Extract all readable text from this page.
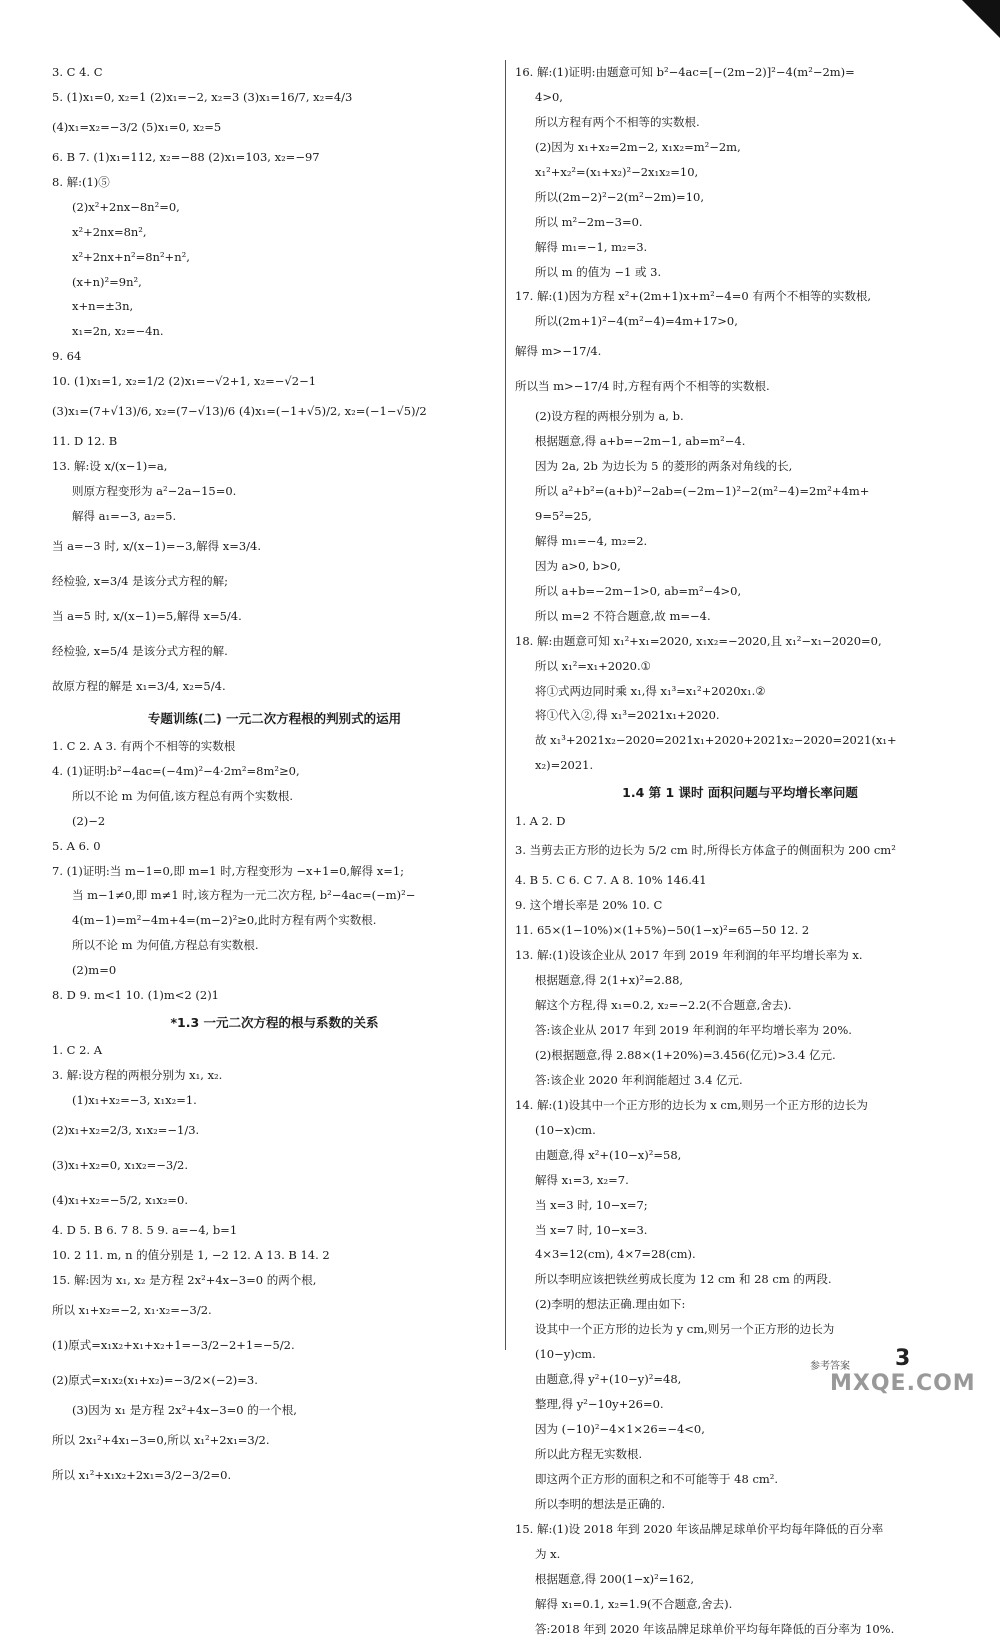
3. C 4. C
5. (1)x₁=0, x₂=1 (2)x₁=−2, x₂=3 (3)x₁=16/7, x₂=4/3
(4)x₁=x₂=−3/2 (5)x₁=0, x₂=5
6. B 7. (1)x₁=112, x₂=−88 (2)x₁=103, x₂=−97
8. 解:(1)⑤
(2)x²+2nx−8n²=0,
x²+2nx=8n²,
x²+2nx+n²=8n²+n²,
(x+n)²=9n²,
x+n=±3n,
x₁=2n, x₂=−4n.
9. 64
10. (1)x₁=1, x₂=1/2 (2)x₁=−√2+1, x₂=−√2−1
(3)x₁=(7+√13)/6, x₂=(7−√13)/6 (4)x₁=(−1+√5)/2, x₂=(−1−√5)/2
11. D 12. B
13. 解:设 x/(x−1)=a,
则原方程变形为 a²−2a−15=0.
解得 a₁=−3, a₂=5.
当 a=−3 时, x/(x−1)=−3,解得 x=3/4.
经检验, x=3/4 是该分式方程的解;
当 a=5 时, x/(x−1)=5,解得 x=5/4.
经检验, x=5/4 是该分式方程的解.
故原方程的解是 x₁=3/4, x₂=5/4.
专题训练(二) 一元二次方程根的判别式的运用
1. C 2. A 3. 有两个不相等的实数根
4. (1)证明:b²−4ac=(−4m)²−4·2m²=8m²≥0,
所以不论 m 为何值,该方程总有两个实数根.
(2)−2
5. A 6. 0
7. (1)证明:当 m−1=0,即 m=1 时,方程变形为 −x+1=0,解得 x=1;
当 m−1≠0,即 m≠1 时,该方程为一元二次方程, b²−4ac=(−m)²−
4(m−1)=m²−4m+4=(m−2)²≥0,此时方程有两个实数根.
所以不论 m 为何值,方程总有实数根.
(2)m=0
8. D 9. m<1 10. (1)m<2 (2)1
*1.3 一元二次方程的根与系数的关系
1. C 2. A
3. 解:设方程的两根分别为 x₁, x₂.
(1)x₁+x₂=−3, x₁x₂=1.
(2)x₁+x₂=2/3, x₁x₂=−1/3.
(3)x₁+x₂=0, x₁x₂=−3/2.
(4)x₁+x₂=−5/2, x₁x₂=0.
4. D 5. B 6. 7 8. 5 9. a=−4, b=1
10. 2 11. m, n 的值分别是 1, −2 12. A 13. B 14. 2
15. 解:因为 x₁, x₂ 是方程 2x²+4x−3=0 的两个根,
所以 x₁+x₂=−2, x₁·x₂=−3/2.
(1)原式=x₁x₂+x₁+x₂+1=−3/2−2+1=−5/2.
(2)原式=x₁x₂(x₁+x₂)=−3/2×(−2)=3.
(3)因为 x₁ 是方程 2x²+4x−3=0 的一个根,
所以 2x₁²+4x₁−3=0,所以 x₁²+2x₁=3/2.
所以 x₁²+x₁x₂+2x₁=3/2−3/2=0.
16. 解:(1)证明:由题意可知 b²−4ac=[−(2m−2)]²−4(m²−2m)=
4>0,
所以方程有两个不相等的实数根.
(2)因为 x₁+x₂=2m−2, x₁x₂=m²−2m,
x₁²+x₂²=(x₁+x₂)²−2x₁x₂=10,
所以(2m−2)²−2(m²−2m)=10,
所以 m²−2m−3=0.
解得 m₁=−1, m₂=3.
所以 m 的值为 −1 或 3.
17. 解:(1)因为方程 x²+(2m+1)x+m²−4=0 有两个不相等的实数根,
所以(2m+1)²−4(m²−4)=4m+17>0,
解得 m>−17/4.
所以当 m>−17/4 时,方程有两个不相等的实数根.
(2)设方程的两根分别为 a, b.
根据题意,得 a+b=−2m−1, ab=m²−4.
因为 2a, 2b 为边长为 5 的菱形的两条对角线的长,
所以 a²+b²=(a+b)²−2ab=(−2m−1)²−2(m²−4)=2m²+4m+
9=5²=25,
解得 m₁=−4, m₂=2.
因为 a>0, b>0,
所以 a+b=−2m−1>0, ab=m²−4>0,
所以 m=2 不符合题意,故 m=−4.
18. 解:由题意可知 x₁²+x₁=2020, x₁x₂=−2020,且 x₁²−x₁−2020=0,
所以 x₁²=x₁+2020.①
将①式两边同时乘 x₁,得 x₁³=x₁²+2020x₁.②
将①代入②,得 x₁³=2021x₁+2020.
故 x₁³+2021x₂−2020=2021x₁+2020+2021x₂−2020=2021(x₁+
x₂)=2021.
1.4 第 1 课时 面积问题与平均增长率问题
1. A 2. D
3. 当剪去正方形的边长为 5/2 cm 时,所得长方体盒子的侧面积为 200 cm²
4. B 5. C 6. C 7. A 8. 10% 146.41
9. 这个增长率是 20% 10. C
11. 65×(1−10%)×(1+5%)−50(1−x)²=65−50 12. 2
13. 解:(1)设该企业从 2017 年到 2019 年利润的年平均增长率为 x.
根据题意,得 2(1+x)²=2.88,
解这个方程,得 x₁=0.2, x₂=−2.2(不合题意,舍去).
答:该企业从 2017 年到 2019 年利润的年平均增长率为 20%.
(2)根据题意,得 2.88×(1+20%)=3.456(亿元)>3.4 亿元.
答:该企业 2020 年利润能超过 3.4 亿元.
14. 解:(1)设其中一个正方形的边长为 x cm,则另一个正方形的边长为
(10−x)cm.
由题意,得 x²+(10−x)²=58,
解得 x₁=3, x₂=7.
当 x=3 时, 10−x=7;
当 x=7 时, 10−x=3.
4×3=12(cm), 4×7=28(cm).
所以李明应该把铁丝剪成长度为 12 cm 和 28 cm 的两段.
(2)李明的想法正确.理由如下:
设其中一个正方形的边长为 y cm,则另一个正方形的边长为
(10−y)cm.
由题意,得 y²+(10−y)²=48,
整理,得 y²−10y+26=0.
因为 (−10)²−4×1×26=−4<0,
所以此方程无实数根.
即这两个正方形的面积之和不可能等于 48 cm².
所以李明的想法是正确的.
15. 解:(1)设 2018 年到 2020 年该品牌足球单价平均每年降低的百分率
为 x.
根据题意,得 200(1−x)²=162,
解得 x₁=0.1, x₂=1.9(不合题意,舍去).
答:2018 年到 2020 年该品牌足球单价平均每年降低的百分率为 10%.
参考答案 3
MXQE.COM
